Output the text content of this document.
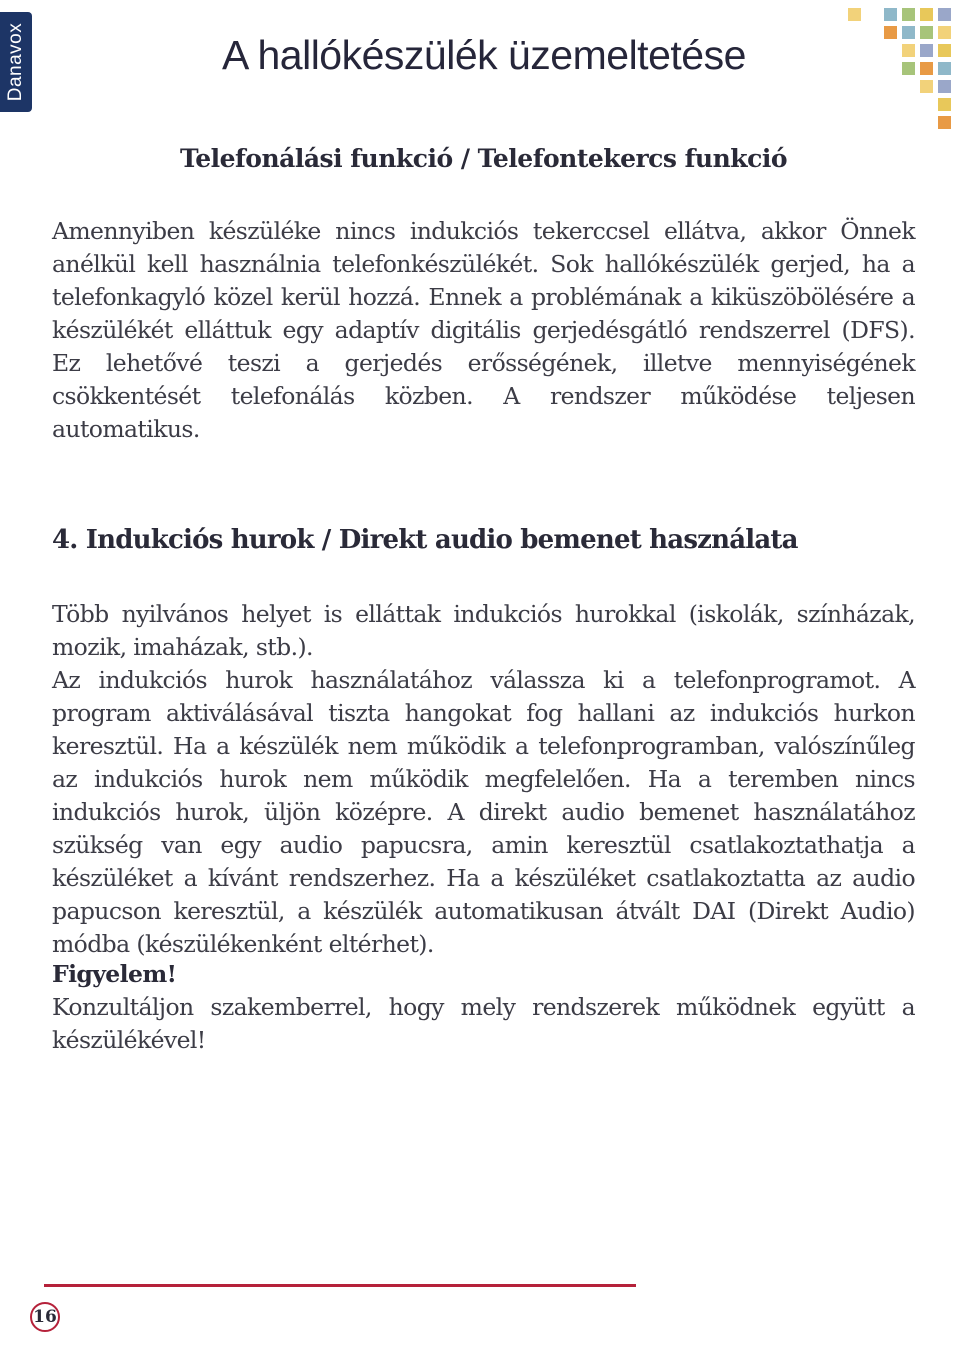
Danavox	A hallókészülék üzemeltetése
Telefonálási funkció / Telefontekercs funkció

Amennyiben készüléke nincs indukciós tekerccsel ellátva, akkor Önnek anélkül kell használnia telefonkészülékét. Sok hallókészülék gerjed, ha a telefonkagyló közel kerül hozzá. Ennek a problémának a kiküszöbölésére a készülékét elláttuk egy adaptív digitális gerjedésgátló rendszerrel (DFS). Ez lehetővé teszi a gerjedés erősségének, illetve mennyiségének csökkentését telefonálás közben. A rendszer működése teljesen automatikus.

4. Indukciós hurok / Direkt audio bemenet használata

Több nyilvános helyet is elláttak indukciós hurokkal (iskolák, színházak, mozik, imaházak, stb.).

Az indukciós hurok használatához válassza ki a telefonprogramot. A program aktiválásával tiszta hangokat fog hallani az indukciós hurkon keresztül. Ha a készülék nem működik a telefonprogramban, valószínűleg az indukciós hurok nem működik megfelelően. Ha a teremben nincs indukciós hurok, üljön középre. A direkt audio bemenet használatához szükség van egy audio papucsra, amin keresztül csatlakoztathatja a készüléket a kívánt rendszerhez. Ha a készüléket csatlakoztatta az audio papucson keresztül, a készülék automatikusan átvált DAI (Direkt Audio) módba (készülékenként eltérhet).

Figyelem!

Konzultáljon szakemberrel, hogy mely rendszerek működnek együtt a készülékével!

16
